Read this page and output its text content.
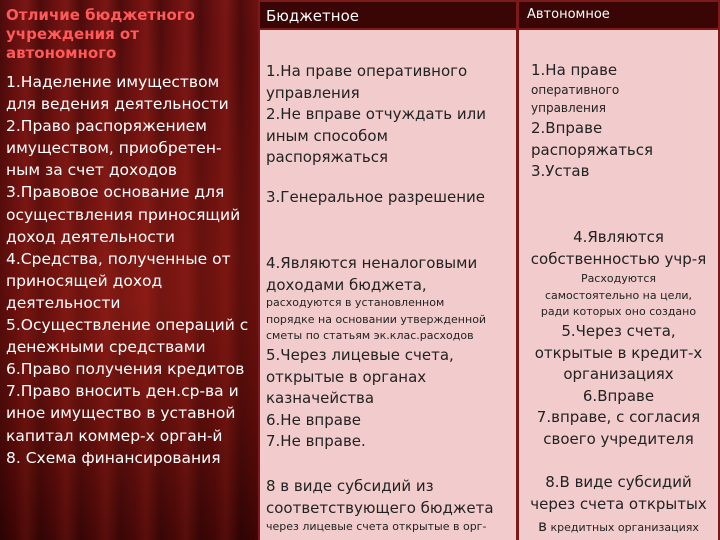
Отличие бюджетного
учреждения от
автономного
1.Наделение имуществом
для ведения деятельности
2.Право распоряжением
имуществом, приобретен-
ным за счет доходов
3.Правовое основание для
осуществления приносящий
доход деятельности
4.Средства, полученные от
приносящей доход
деятельности
5.Осуществление операций с
денежными средствами
6.Право получения кредитов
7.Право вносить ден.ср-ва и
иное имущество в уставной
капитал коммер-х орган-й
8. Схема финансирования
Бюджетное	Автономное
1.На праве оперативного
управления
2.Не вправе отчуждать или
иным способом
распоряжаться
3.Генеральное разрешение
4.Являются неналоговыми
доходами бюджета,
расходуются в установленном
порядке на основании утвержденной
сметы по статьям эк.клас.расходов
5.Через лицевые счета,
открытые в органах
казначейства
6.Не вправе
7.Не вправе.
8 в виде субсидий из
соответствующего бюджета
через лицевые счета открытые в орг-
1.На праве
оперативного
управления
2.Вправе
распоряжаться
3.Устав
4.Являются
собственностью учр-я
Расходуются
самостоятельно на цели,
ради которых оно создано
5.Через счета,
открытые в кредит-х
организациях
6.Вправе
7.вправе, с согласия
своего учредителя
8.В виде субсидий
через счета открытых
в кредитных организациях
